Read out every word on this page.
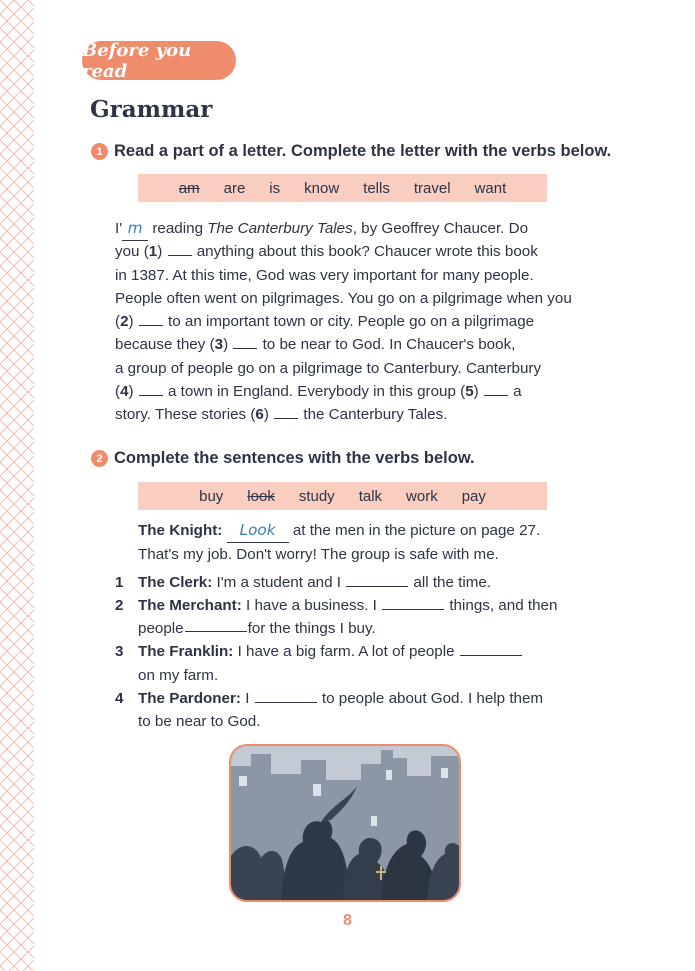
Before you read
Grammar
1 Read a part of a letter. Complete the letter with the verbs below.
am are is know tells travel want
I' m reading The Canterbury Tales, by Geoffrey Chaucer. Do
you (1)  anything about this book? Chaucer wrote this book
in 1387. At this time, God was very important for many people.
People often went on pilgrimages. You go on a pilgrimage when you
(2)  to an important town or city. People go on a pilgrimage
because they (3)  to be near to God. In Chaucer's book,
a group of people go on a pilgrimage to Canterbury. Canterbury
(4)  a town in England. Everybody in this group (5)  a
story. These stories (6)  the Canterbury Tales.
2 Complete the sentences with the verbs below.
buy look study talk work pay
The Knight: Look at the men in the picture on page 27.
That's my job. Don't worry! The group is safe with me.
1 The Clerk: I'm a student and I	all the time.
2 The Merchant: I have a business. I	things, and then
people	for the things I buy.
3 The Franklin: I have a big farm. A lot of people
on my farm.
4 The Pardoner: I	to people about God. I help them
to be near to God.
8
